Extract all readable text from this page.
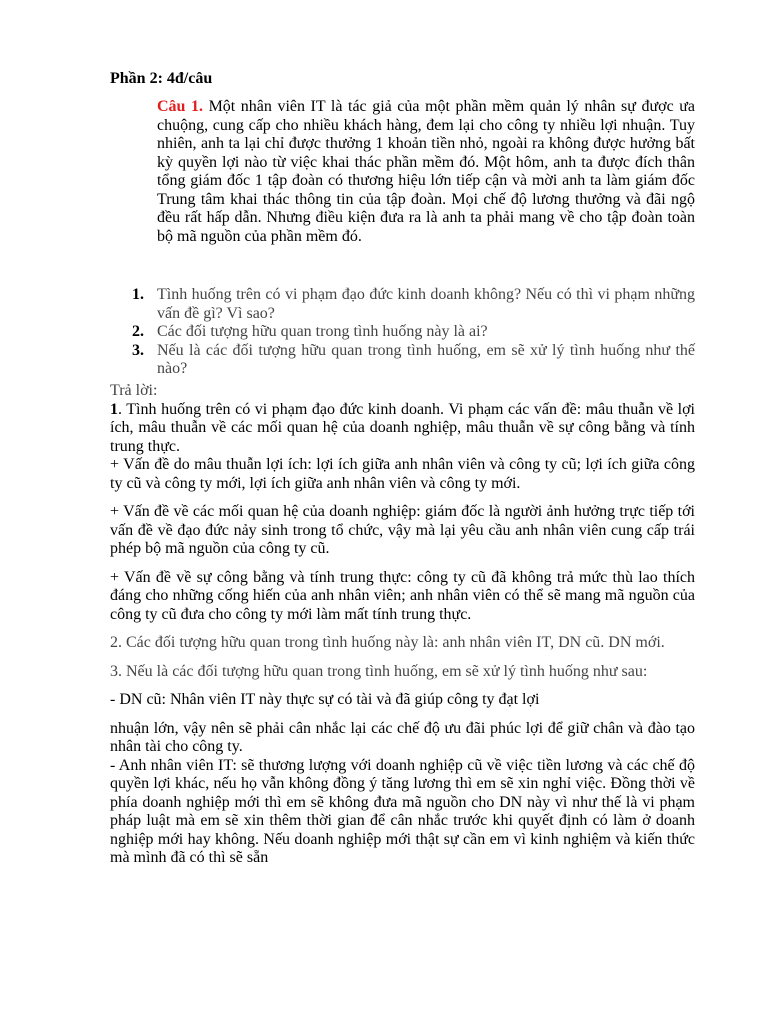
Phần 2: 4đ/câu
Câu 1. Một nhân viên IT là tác giả của một phần mềm quản lý nhân sự được ưa chuộng, cung cấp cho nhiều khách hàng, đem lại cho công ty nhiều lợi nhuận. Tuy nhiên, anh ta lại chỉ được thưởng 1 khoản tiền nhỏ, ngoài ra không được hưởng bất kỳ quyền lợi nào từ việc khai thác phần mềm đó. Một hôm, anh ta được đích thân tổng giám đốc 1 tập đoàn có thương hiệu lớn tiếp cận và mời anh ta làm giám đốc Trung tâm khai thác thông tin của tập đoàn. Mọi chế độ lương thưởng và đãi ngộ đều rất hấp dẫn. Nhưng điều kiện đưa ra là anh ta phải mang về cho tập đoàn toàn bộ mã nguồn của phần mềm đó.
1. Tình huống trên có vi phạm đạo đức kinh doanh không? Nếu có thì vi phạm những vấn đề gì? Vì sao?
2. Các đối tượng hữu quan trong tình huống này là ai?
3. Nếu là các đối tượng hữu quan trong tình huống, em sẽ xử lý tình huống như thế nào?

Trả lời:

1. Tình huống trên có vi phạm đạo đức kinh doanh. Vi phạm các vấn đề: mâu thuẫn về lợi ích, mâu thuẫn về các mối quan hệ của doanh nghiệp, mâu thuẫn về sự công bằng và tính trung thực.

+ Vấn đề do mâu thuẫn lợi ích: lợi ích giữa anh nhân viên và công ty cũ; lợi ích giữa công ty cũ và công ty mới, lợi ích giữa anh nhân viên và công ty mới.

+ Vấn đề về các mối quan hệ của doanh nghiệp: giám đốc là người ảnh hưởng trực tiếp tới vấn đề về đạo đức nảy sinh trong tổ chức, vậy mà lại yêu cầu anh nhân viên cung cấp trái phép bộ mã nguồn của công ty cũ.

+ Vấn đề về sự công bằng và tính trung thực: công ty cũ đã không trả mức thù lao thích đáng cho những cống hiến của anh nhân viên; anh nhân viên có thể sẽ mang mã nguồn của công ty cũ đưa cho công ty mới làm mất tính trung thực.

2. Các đối tượng hữu quan trong tình huống này là: anh nhân viên IT, DN cũ. DN mới.

3. Nếu là các đối tượng hữu quan trong tình huống, em sẽ xử lý tình huống như sau:

- DN cũ: Nhân viên IT này thực sự có tài và đã giúp công ty đạt lợi

nhuận lớn, vậy nên sẽ phải cân nhắc lại các chế độ ưu đãi phúc lợi để giữ chân và đào tạo nhân tài cho công ty.

- Anh nhân viên IT: sẽ thương lượng với doanh nghiệp cũ về việc tiền lương và các chế độ quyền lợi khác, nếu họ vẫn không đồng ý tăng lương thì em sẽ xin nghỉ việc. Đồng thời về phía doanh nghiệp mới thì em sẽ không đưa mã nguồn cho DN này vì như thế là vi phạm pháp luật mà em sẽ xin thêm thời gian để cân nhắc trước khi quyết định có làm ở doanh nghiệp mới hay không. Nếu doanh nghiệp mới thật sự cần em vì kinh nghiệm và kiến thức mà mình đã có thì sẽ sẵn
